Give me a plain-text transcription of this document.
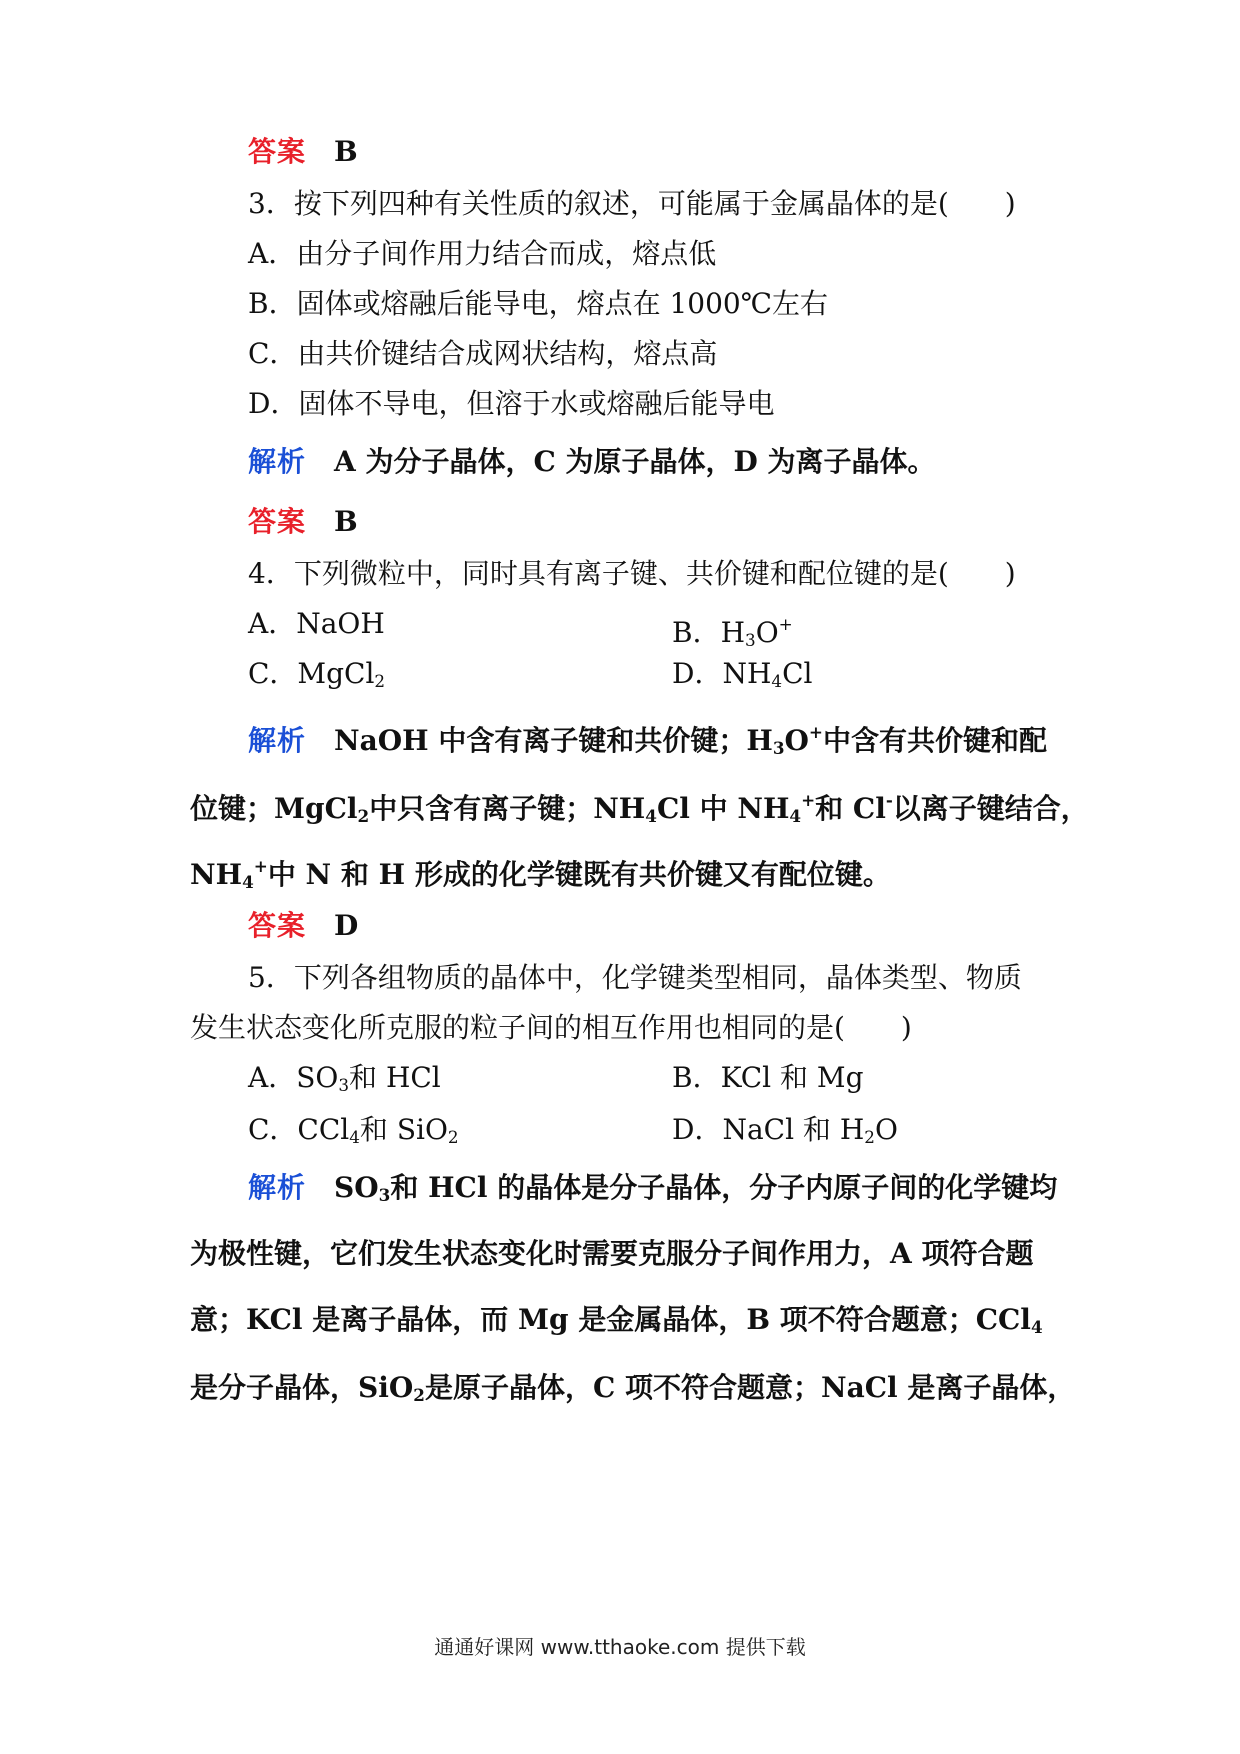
答案 B
3．按下列四种有关性质的叙述，可能属于金属晶体的是(　　)
A．由分子间作用力结合而成，熔点低
B．固体或熔融后能导电，熔点在 1000℃左右
C．由共价键结合成网状结构，熔点高
D．固体不导电，但溶于水或熔融后能导电
解析 A 为分子晶体，C 为原子晶体，D 为离子晶体。
答案 B
4．下列微粒中，同时具有离子键、共价键和配位键的是(　　)
A．NaOH	B．$H_3O^+$
C．MgCl$_2$	D．$NH_4Cl$
解析 NaOH 中含有离子键和共价键；$H_3O^+$中含有共价键和配
位键；MgCl$_2$中只含有离子键；$NH_4Cl$ 中 $NH_4^+$和 Cl-以离子键结合，
$NH_4^+$中 N 和 H 形成的化学键既有共价键又有配位键。
答案 D
5．下列各组物质的晶体中，化学键类型相同，晶体类型、物质
发生状态变化所克服的粒子间的相互作用也相同的是(　　)
A．$SO_3$和 HCl	B．KCl 和 Mg
C．CCl$_4$和 SiO$_2$	D．NaCl 和 $H_2O$
解析 $SO_3$和 HCl 的晶体是分子晶体，分子内原子间的化学键均
为极性键，它们发生状态变化时需要克服分子间作用力，A 项符合题
意；KCl 是离子晶体，而 Mg 是金属晶体，B 项不符合题意；CCl$_4$
是分子晶体，SiO$_2$是原子晶体，C 项不符合题意；NaCl 是离子晶体，
通通好课网 www.tthaoke.com 提供下载
